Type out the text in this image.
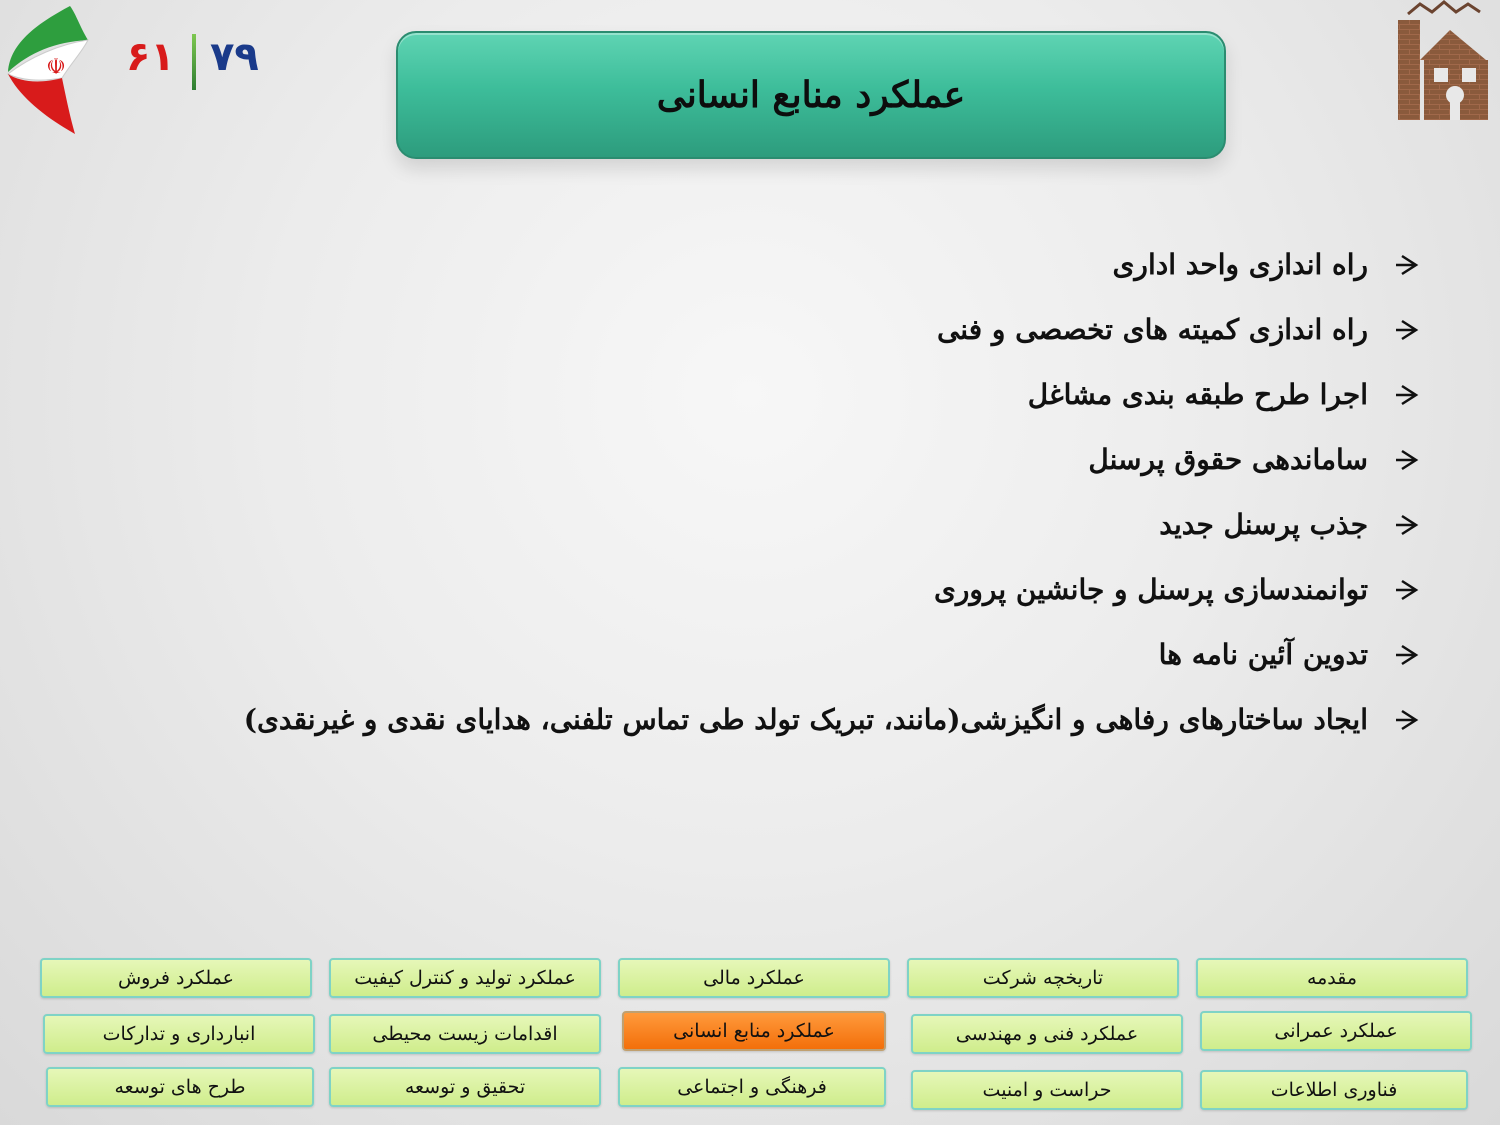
☫ ۶۱ ۷۹
عملکرد منابع انسانی
راه اندازی واحد اداری
راه اندازی کمیته های تخصصی و فنی
اجرا طرح طبقه بندی مشاغل
ساماندهی حقوق پرسنل
جذب پرسنل جدید
توانمندسازی پرسنل و جانشین پروری
تدوین آئین نامه ها
ایجاد ساختارهای رفاهی و انگیزشی(مانند، تبریک تولد طی تماس تلفنی، هدایای نقدی و غیرنقدی)
مقدمه
تاریخچه شرکت
عملکرد مالی
عملکرد تولید و کنترل کیفیت
عملکرد فروش
عملکرد عمرانی
عملکرد فنی و مهندسی
عملکرد منابع انسانی
اقدامات زیست محیطی
انبارداری و تدارکات
فناوری اطلاعات
حراست و امنیت
فرهنگی و اجتماعی
تحقیق و توسعه
طرح های توسعه
